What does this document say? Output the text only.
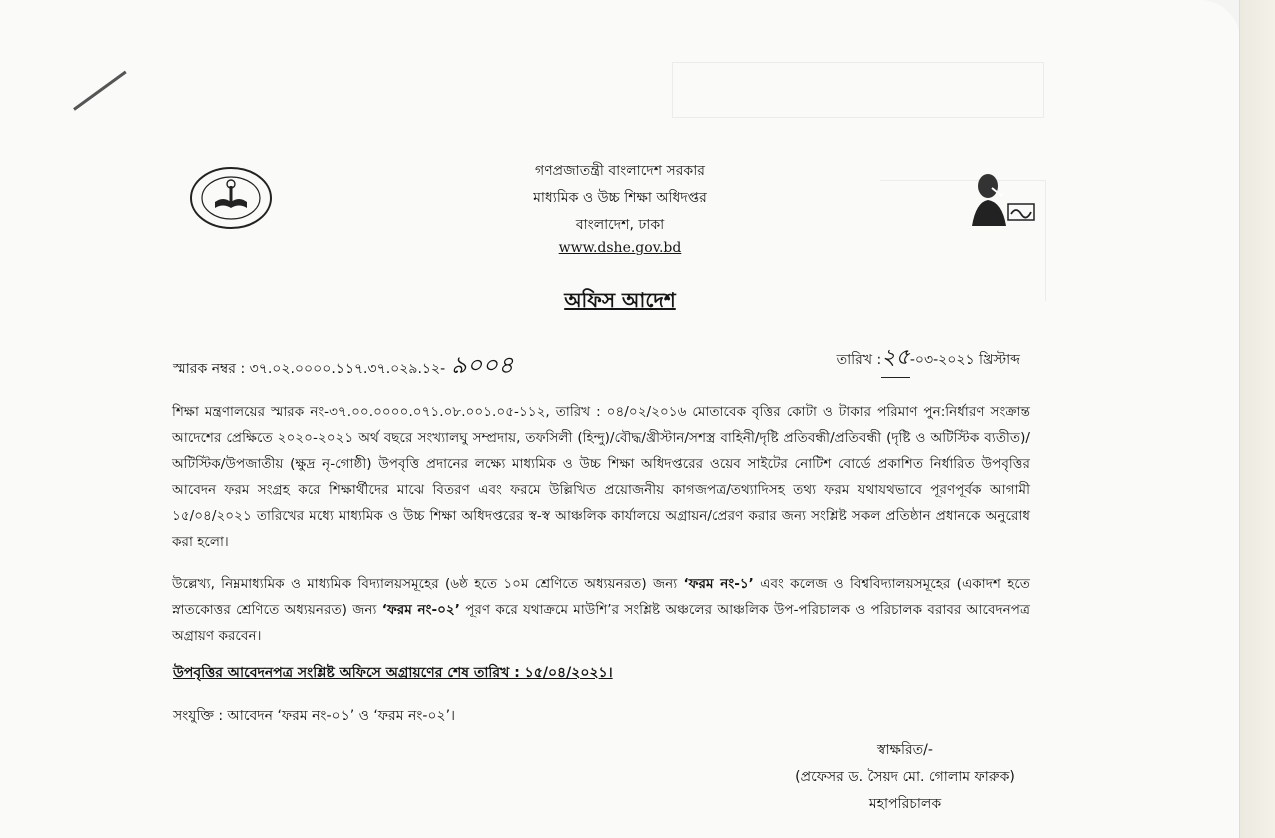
গণপ্রজাতন্ত্রী বাংলাদেশ সরকার
মাধ্যমিক ও উচ্চ শিক্ষা অধিদপ্তর
বাংলাদেশ, ঢাকা
www.dshe.gov.bd
অফিস আদেশ
স্মারক নম্বর : ৩৭.০২.০০০০.১১৭.৩৭.০২৯.১২- ৯০০৪	তারিখ :২৫-০৩-২০২১ খ্রিস্টাব্দ

শিক্ষা মন্ত্রণালয়ের স্মারক নং-৩৭.০০.০০০০.০৭১.০৮.০০১.০৫-১১২, তারিখ : ০৪/০২/২০১৬ মোতাবেক বৃত্তির কোটা ও টাকার পরিমাণ পুন:নির্ধারণ সংক্রান্ত আদেশের প্রেক্ষিতে ২০২০-২০২১ অর্থ বছরে সংখ্যালঘু সম্প্রদায়, তফসিলী (হিন্দু)/বৌদ্ধ/খ্রীস্টান/সশস্ত্র বাহিনী/দৃষ্টি প্রতিবন্ধী/প্রতিবন্ধী (দৃষ্টি ও অটিস্টিক ব্যতীত)/অটিস্টিক/উপজাতীয় (ক্ষুদ্র নৃ-গোষ্ঠী) উপবৃত্তি প্রদানের লক্ষ্যে মাধ্যমিক ও উচ্চ শিক্ষা অধিদপ্তরের ওয়েব সাইটের নোটিশ বোর্ডে প্রকাশিত নির্ধারিত উপবৃত্তির আবেদন ফরম সংগ্রহ করে শিক্ষার্থীদের মাঝে বিতরণ এবং ফরমে উল্লিখিত প্রয়োজনীয় কাগজপত্র/তথ্যাদিসহ তথ্য ফরম যথাযথভাবে পূরণপূর্বক আগামী ১৫/০৪/২০২১ তারিখের মধ্যে মাধ্যমিক ও উচ্চ শিক্ষা অধিদপ্তরের স্ব-স্ব আঞ্চলিক কার্যালয়ে অগ্রায়ন/প্রেরণ করার জন্য সংশ্লিষ্ট সকল প্রতিষ্ঠান প্রধানকে অনুরোধ করা হলো।

উল্লেখ্য, নিম্নমাধ্যমিক ও মাধ্যমিক বিদ্যালয়সমূহের (৬ষ্ঠ হতে ১০ম শ্রেণিতে অধ্যয়নরত) জন্য ‘ফরম নং-১’ এবং কলেজ ও বিশ্ববিদ্যালয়সমূহের (একাদশ হতে স্নাতকোত্তর শ্রেণিতে অধ্যয়নরত) জন্য ‘ফরম নং-০২’ পূরণ করে যথাক্রমে মাউশি’র সংশ্লিষ্ট অঞ্চলের আঞ্চলিক উপ-পরিচালক ও পরিচালক বরাবর আবেদনপত্র অগ্রায়ণ করবেন।

উপবৃত্তির আবেদনপত্র সংশ্লিষ্ট অফিসে অগ্রায়ণের শেষ তারিখ : ১৫/০৪/২০২১।
সংযুক্তি : আবেদন ‘ফরম নং-০১’ ও ‘ফরম নং-০২’।
স্বাক্ষরিত/-
(প্রফেসর ড. সৈয়দ মো. গোলাম ফারুক)
মহাপরিচালক
